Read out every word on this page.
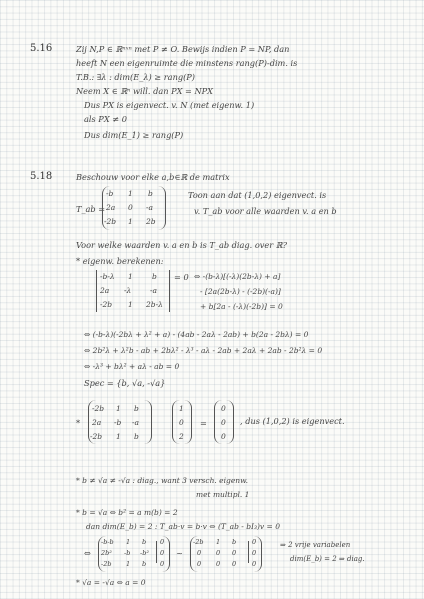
5.16	Zij N,P ∈ ℝⁿˣⁿ met P ≠ O. Bewijs indien P = NP, dan
heeft N een eigenruimte die minstens rang(P)-dim. is
T.B.: ∃λ : dim(E_λ) ≥ rang(P)
Neem X ∈ ℝⁿ will. dan PX = NPX
Dus PX is eigenvect. v. N (met eigenw. 1)
als PX ≠ 0
Dus dim(E_1) ≥ rang(P)
5.18	Beschouw voor elke a,b∈ℝ de matrix
T_ab =
-b 1 b
2a 0 -a
-2b 1 2b
Toon aan dat (1,0,2) eigenvect. is
v. T_ab voor alle waarden v. a en b
Voor welke waarden v. a en b is T_ab diag. over ℝ?
* eigenw. berekenen:
-b-λ 1	b
2a -λ -a
-2b 1 2b-λ
= 0 ⇔ -(b-λ)[(-λ)(2b-λ) + a]
- [2a(2b-λ) - (-2b)(-a)]
+ b[2a - (-λ)(-2b)] = 0
⇔ (-b-λ)(-2bλ + λ² + a) - (4ab - 2aλ - 2ab) + b(2a - 2bλ) = 0
⇔ 2b²λ + λ²b - ab + 2bλ² - λ³ - aλ - 2ab + 2aλ + 2ab - 2b²λ = 0
⇔ -λ³ + bλ² + aλ - ab = 0
Spec = {b, √a, -√a}
*
-2b 1 b
2a -b -a
-2b 1 b
1
0
2
=
0
0
0
, dus (1,0,2) is eigenvect.
* b ≠ √a ≠ -√a : diag., want 3 versch. eigenw.
met multipl. 1
* b = √a ⇔ b² = a m(b) = 2
dan dim(E_b) = 2 : T_ab·v = b·v ⇔ (T_ab - bI₃)v = 0
⇔
-b-b 1 b 0
2b² -b -b² 0
-2b 1 b 0
~
-2b 1 b 0
0 0 0 0
0 0 0 0
⇒ 2 vrije variabelen
dim(E_b) = 2 ⇒ diag.
* √a = -√a ⇔ a = 0
